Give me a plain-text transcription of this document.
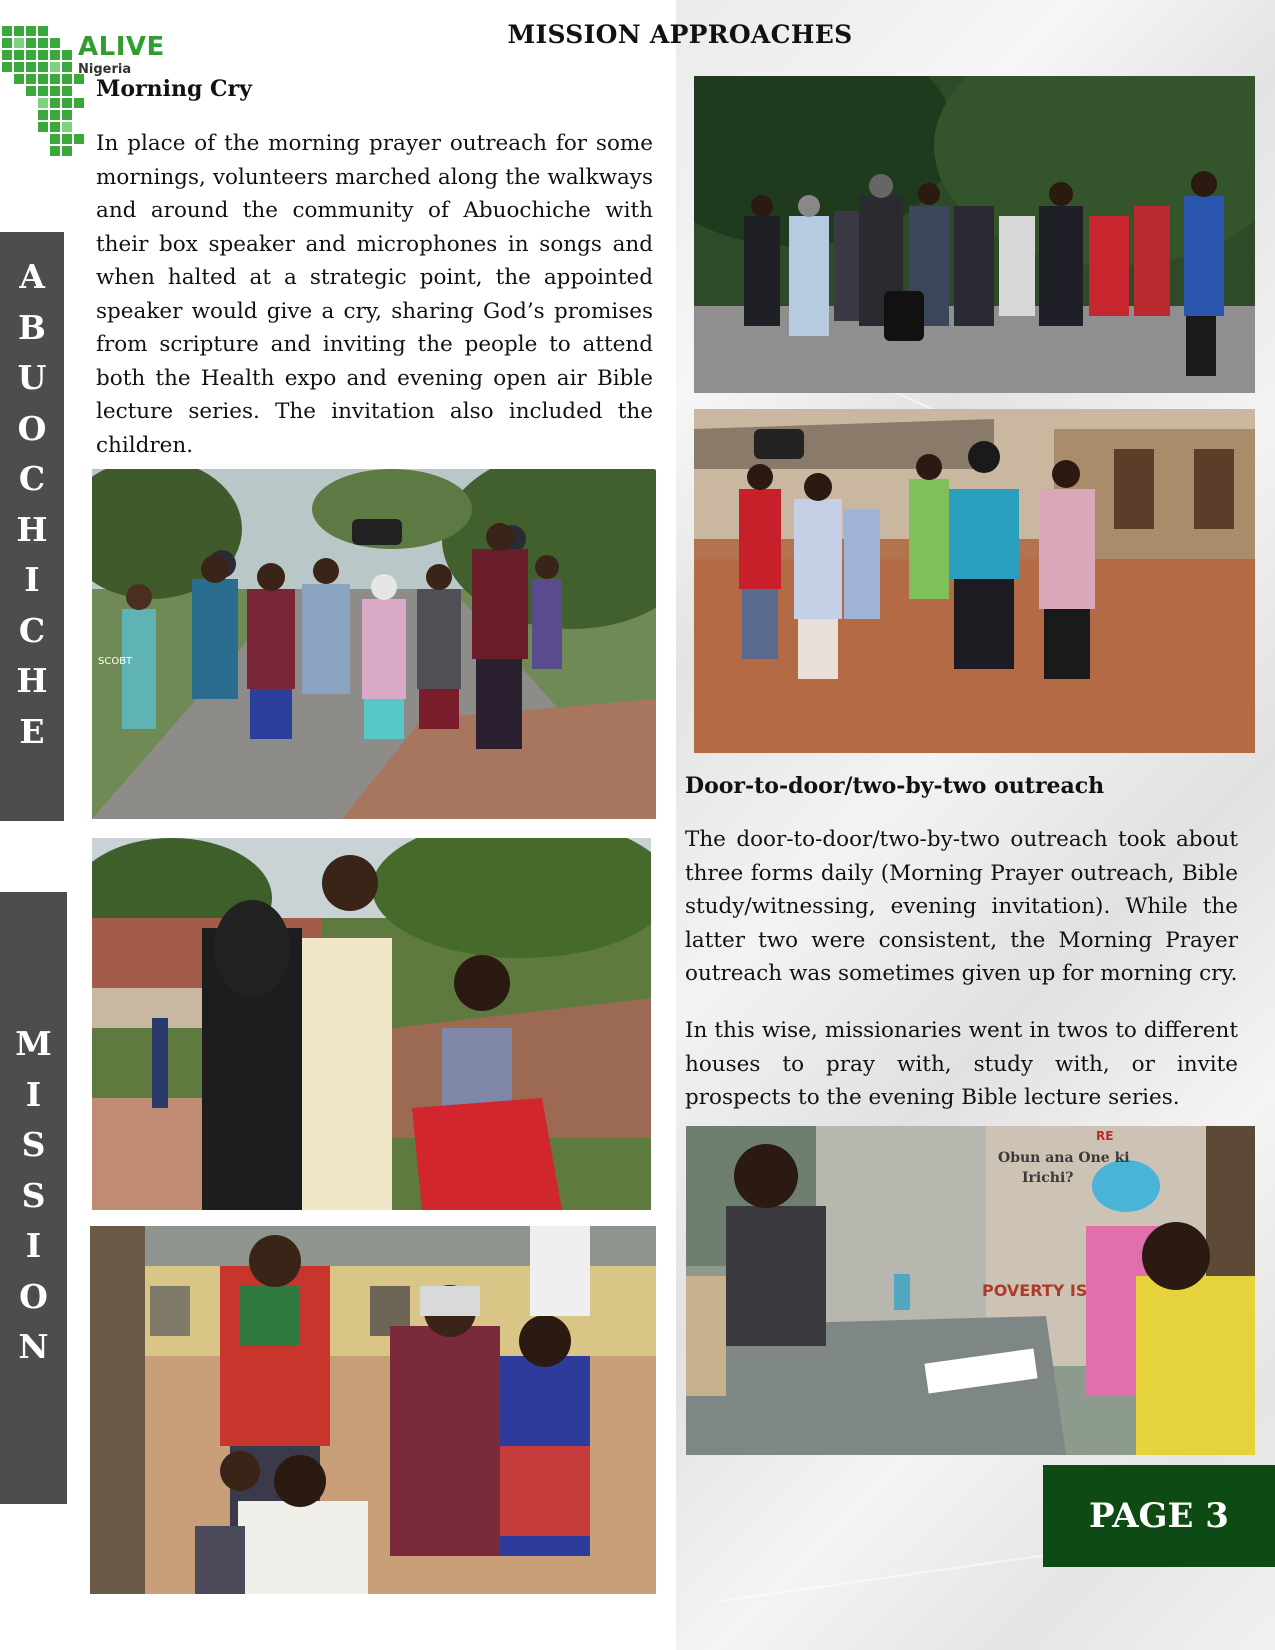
ALIVE
Nigeria
MISSION APPROACHES
A
B
U
O
C
H
I
C
H
E
M
I
S
S
I
O
N
Morning Cry

In place of the morning prayer outreach for some mornings, volunteers marched along the walkways and around the community of Abuochiche with their box speaker and microphones in songs and when halted at a strategic point, the appointed speaker would give a cry, sharing God’s promises from scripture and inviting the people to attend both the Health expo and evening open air Bible lecture series. The invitation also included the children.

SCOBT
Door-to-door/two-by-two outreach

The door-to-door/two-by-two outreach took about three forms daily (Morning Prayer outreach, Bible study/witnessing, evening invitation). While the latter two were consistent, the Morning Prayer outreach was sometimes given up for morning cry.

In this wise, missionaries went in twos to different houses to pray with, study with, or invite prospects to the evening Bible lecture series.

Obun ana One ki
Irichi?
POVERTY IS
RE
PAGE 3
